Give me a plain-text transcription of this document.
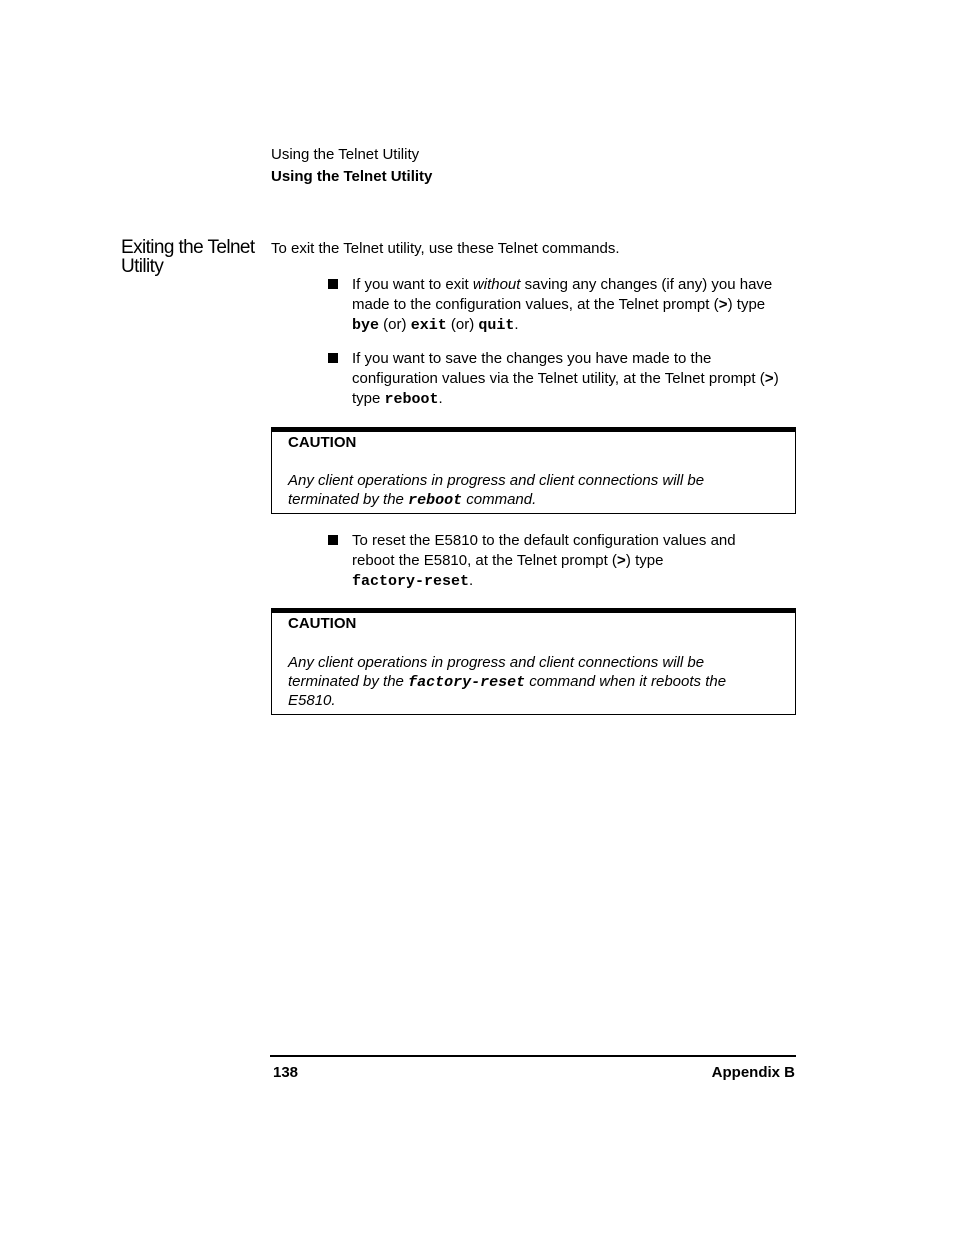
Using the Telnet Utility
Using the Telnet Utility
Exiting the Telnet Utility
To exit the Telnet utility, use these Telnet commands.
If you want to exit without saving any changes (if any) you have made to the configuration values, at the Telnet prompt (>) type
bye (or) exit (or) quit.
If you want to save the changes you have made to the configuration values via the Telnet utility, at the Telnet prompt (>) type reboot.
CAUTION
Any client operations in progress and client connections will be terminated by the reboot command.
To reset the E5810 to the default configuration values and reboot the E5810, at the Telnet prompt (>) type
factory-reset.
CAUTION
Any client operations in progress and client connections will be terminated by the factory-reset command when it reboots the E5810.
138	Appendix B
